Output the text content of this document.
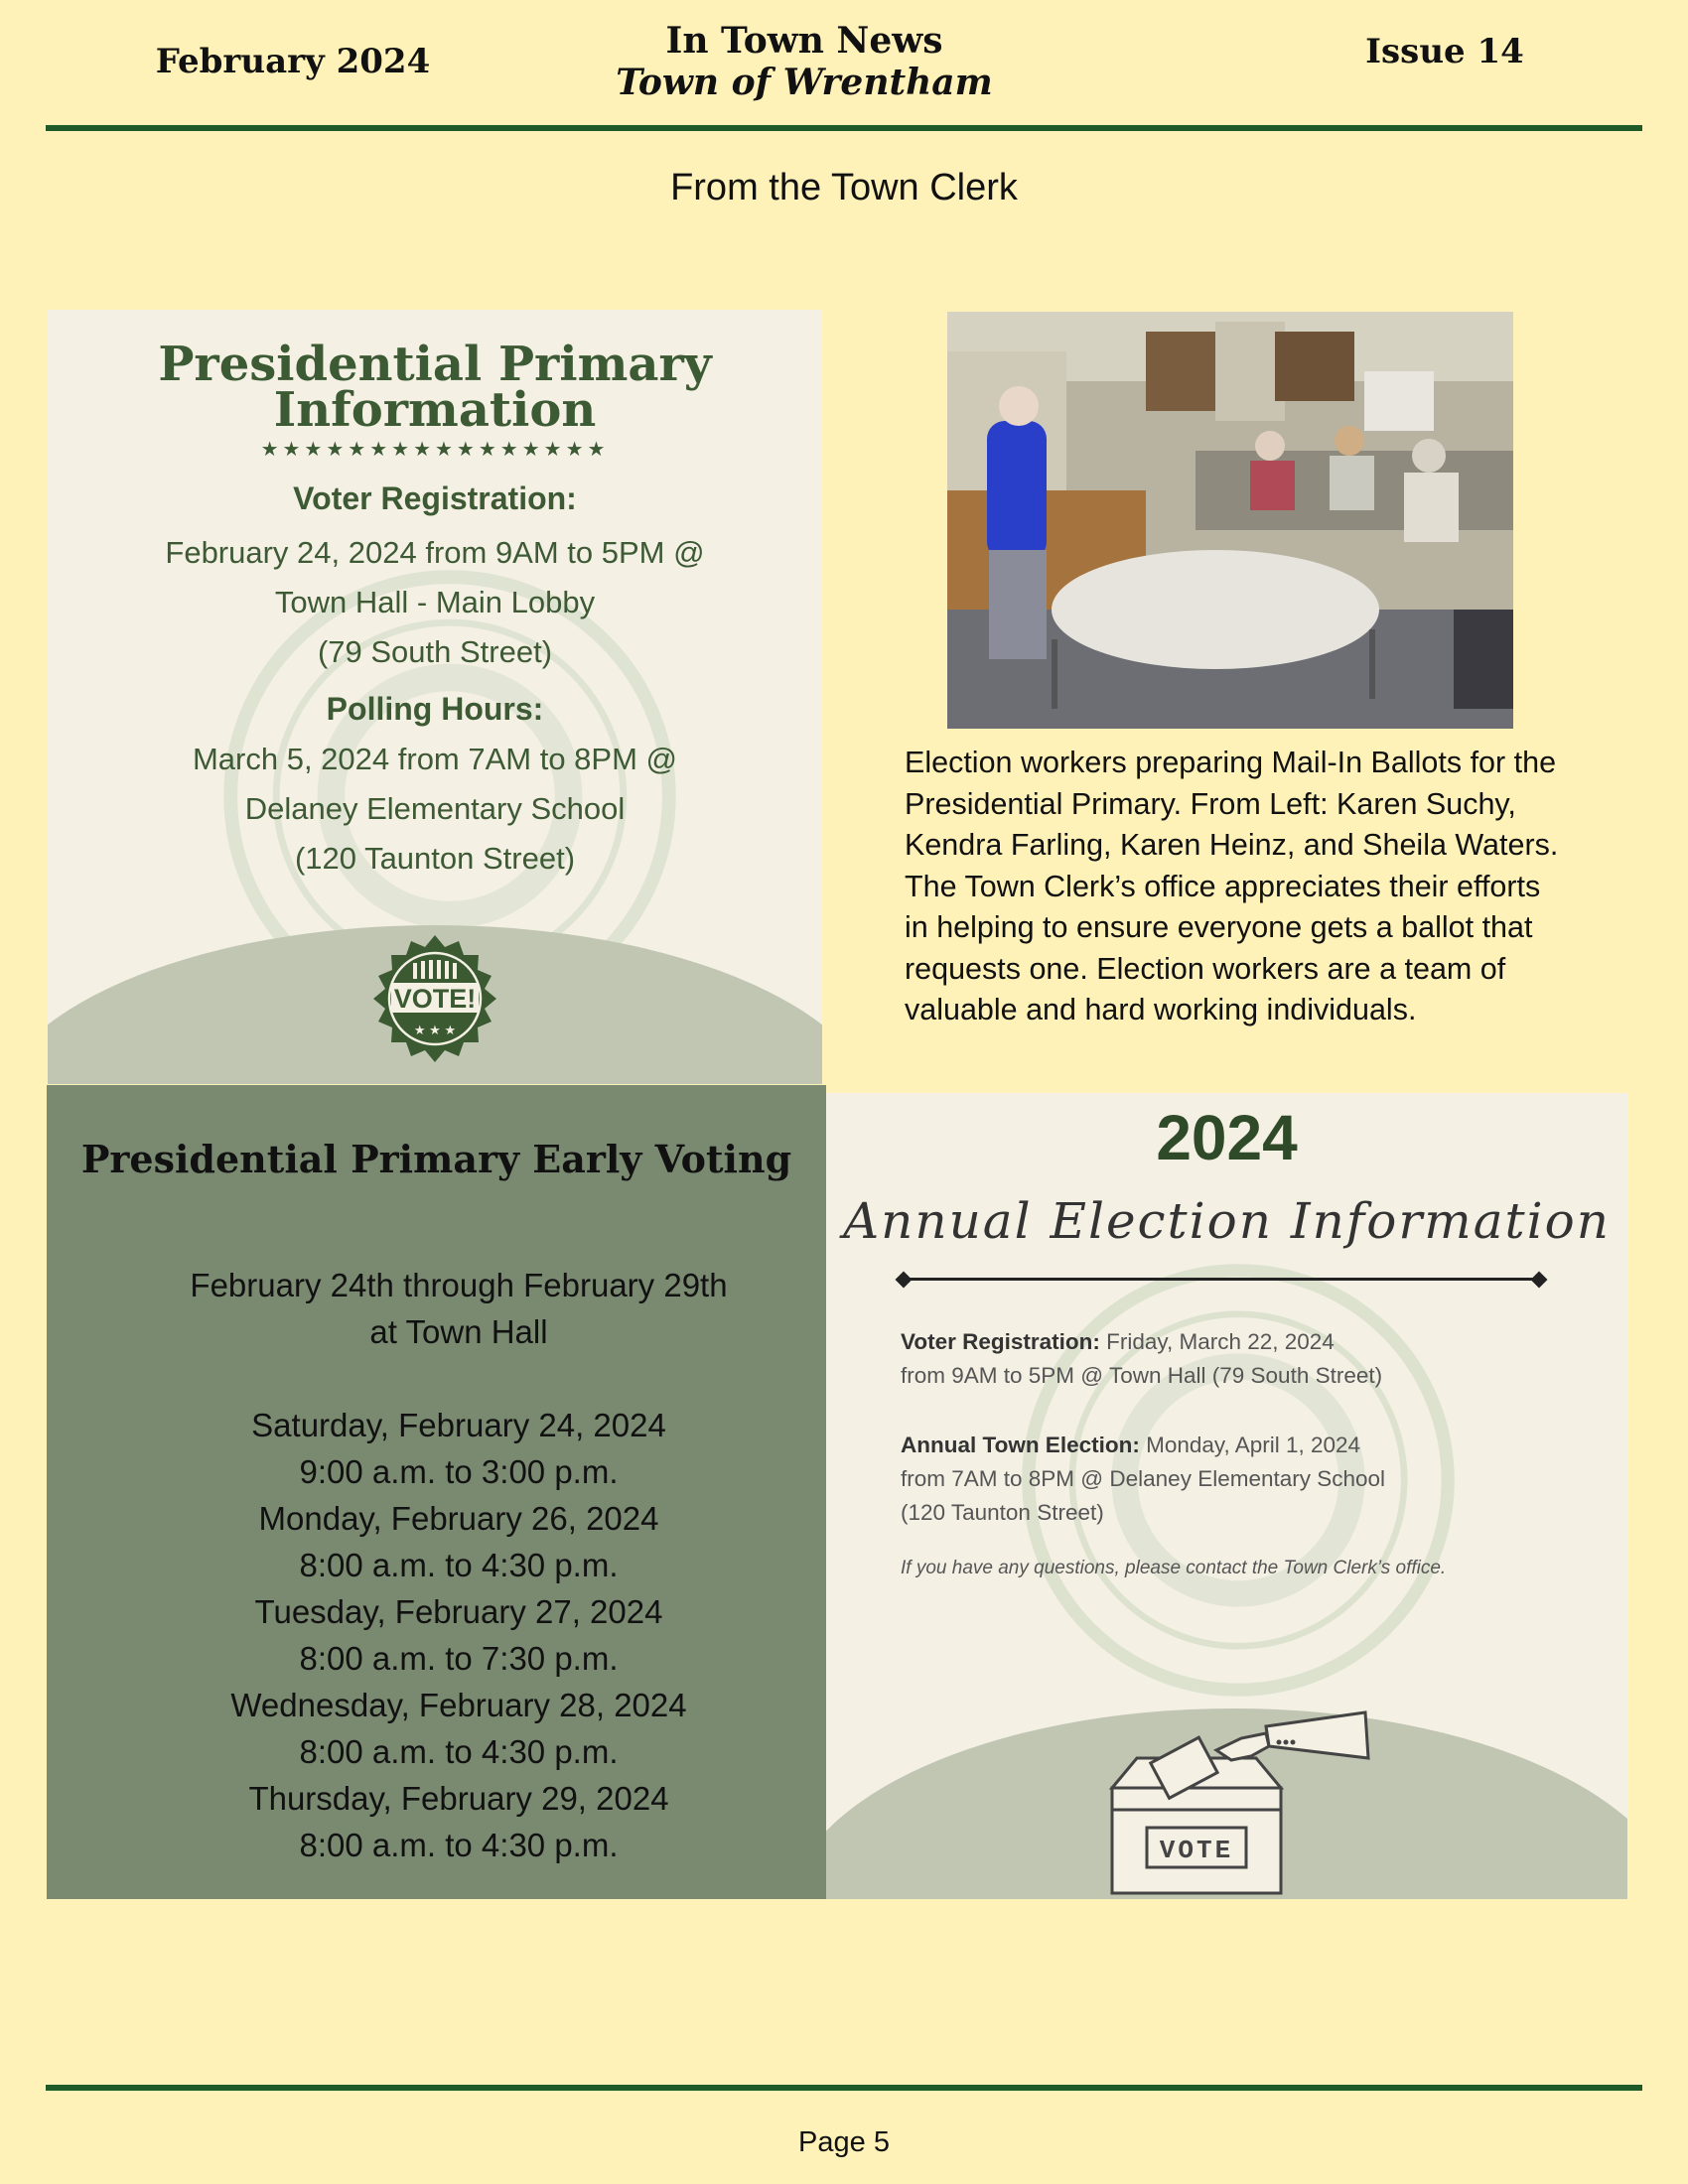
February 2024	In Town News
Town of Wrentham
Issue 14
From the Town Clerk
Presidential Primary
Information
★★★★★★★★★★★★★★★★
Voter Registration:
February 24, 2024 from 9AM to 5PM @
Town Hall - Main Lobby
(79 South Street)
Polling Hours:
March 5, 2024 from 7AM to 8PM @
Delaney Elementary School
(120 Taunton Street)
VOTE!
★ ★ ★
Election workers preparing Mail-In Ballots for the Presidential Primary. From Left: Karen Suchy, Kendra Farling, Karen Heinz, and Sheila Waters. The Town Clerk’s office appreciates their efforts in helping to ensure everyone gets a ballot that requests one. Election workers are a team of valuable and hard working individuals.
Presidential Primary Early Voting
February 24th through February 29th
at Town Hall
Saturday, February 24, 2024
9:00 a.m. to 3:00 p.m.
Monday, February 26, 2024
8:00 a.m. to 4:30 p.m.
Tuesday, February 27, 2024
8:00 a.m. to 7:30 p.m.
Wednesday, February 28, 2024
8:00 a.m. to 4:30 p.m.
Thursday, February 29, 2024
8:00 a.m. to 4:30 p.m.
2024
Annual Election Information
Voter Registration: Friday, March 22, 2024
from 9AM to 5PM @ Town Hall (79 South Street)
Annual Town Election: Monday, April 1, 2024
from 7AM to 8PM @ Delaney Elementary School
(120 Taunton Street)
If you have any questions, please contact the Town Clerk’s office.
VOTE
Page 5
